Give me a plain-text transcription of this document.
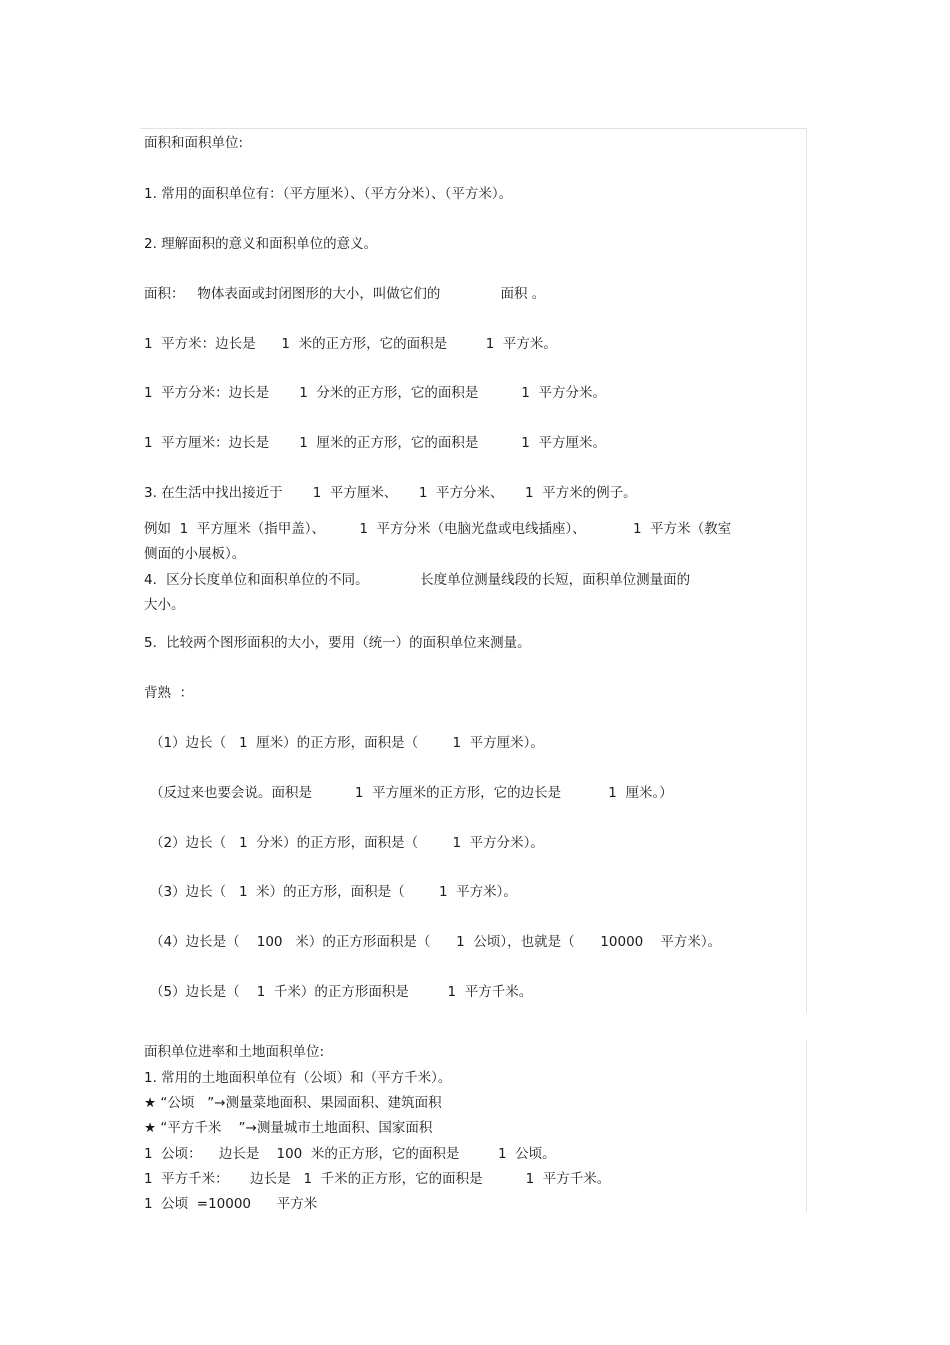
面积和面积单位:
1. 常用的面积单位有：（平方厘米）、（平方分米）、（平方米）。
2. 理解面积的意义和面积单位的意义。
面积：   物体表面或封闭图形的大小，叫做它们的              面积 。
1  平方米：边长是      1  米的正方形，它的面积是         1  平方米。
1  平方分米：边长是       1  分米的正方形，它的面积是          1  平方分米。
1  平方厘米：边长是       1  厘米的正方形，它的面积是          1  平方厘米。
3. 在生活中找出接近于       1  平方厘米、     1  平方分米、     1  平方米的例子。
例如  1  平方厘米（指甲盖）、        1  平方分米（电脑光盘或电线插座）、           1  平方米（教室
侧面的小展板）。
4．区分长度单位和面积单位的不同。            长度单位测量线段的长短，面积单位测量面的
大小。
5．比较两个图形面积的大小，要用（统一）的面积单位来测量。
背熟  ：
（1）边长（   1  厘米）的正方形，面积是（        1  平方厘米）。
（反过来也要会说。面积是          1  平方厘米的正方形，它的边长是           1  厘米。）
（2）边长（   1  分米）的正方形，面积是（        1  平方分米）。
（3）边长（   1  米）的正方形，面积是（        1  平方米）。
（4）边长是（    100   米）的正方形面积是（      1  公顷），也就是（      10000    平方米）。
（5）边长是（    1  千米）的正方形面积是         1  平方千米。
面积单位进率和土地面积单位:
1. 常用的土地面积单位有（公顷）和（平方千米）。
★ “公顷   ”→测量菜地面积、果园面积、建筑面积
★ “平方千米    ”→测量城市土地面积、国家面积
1  公顷：    边长是    100  米的正方形，它的面积是         1  公顷。
1  平方千米：     边长是   1  千米的正方形，它的面积是          1  平方千米。
1  公顷  =10000      平方米
